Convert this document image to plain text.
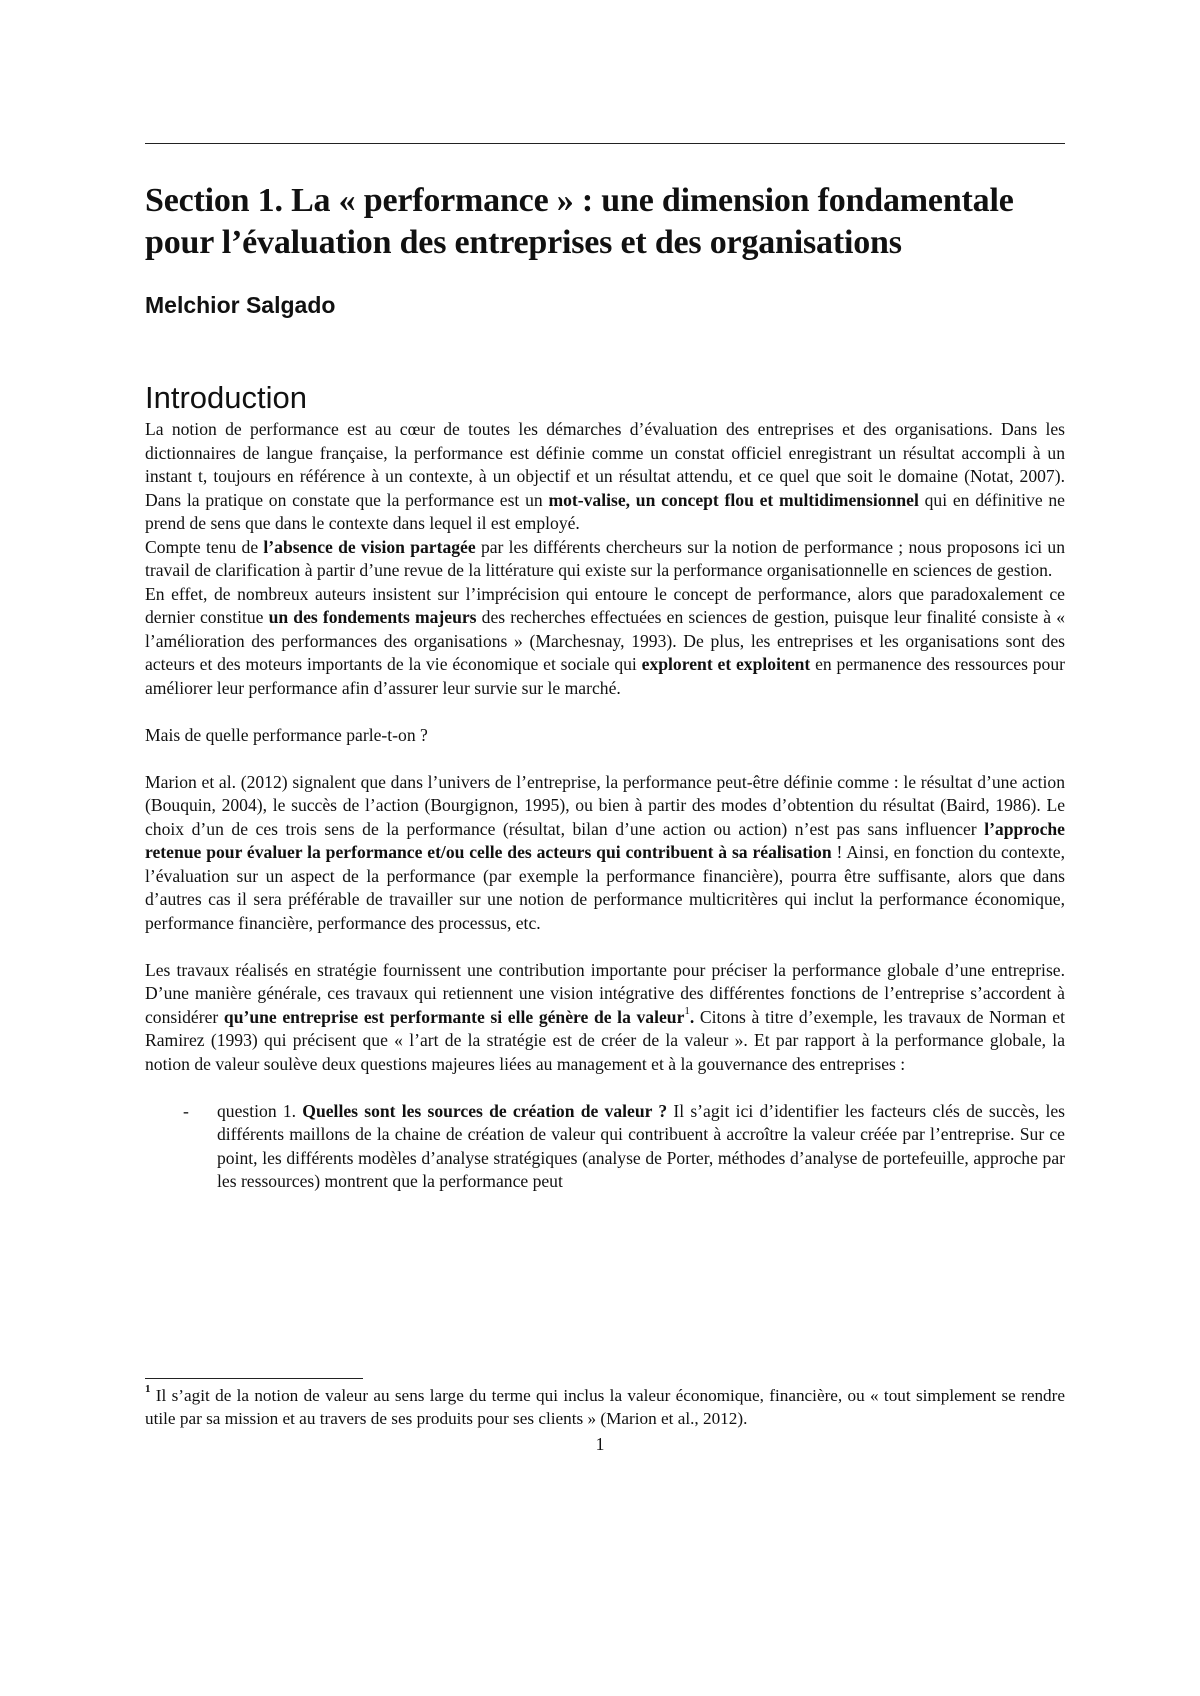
Section 1. La « performance » : une dimension fondamentale pour l’évaluation des entreprises et des organisations
Melchior Salgado
Introduction

La notion de performance est au cœur de toutes les démarches d’évaluation des entreprises et des organisations. Dans les dictionnaires de langue française, la performance est définie comme un constat officiel enregistrant un résultat accompli à un instant t, toujours en référence à un contexte, à un objectif et un résultat attendu, et ce quel que soit le domaine (Notat, 2007). Dans la pratique on constate que la performance est un mot-valise, un concept flou et multidimensionnel qui en définitive ne prend de sens que dans le contexte dans lequel il est employé.

Compte tenu de l’absence de vision partagée par les différents chercheurs sur la notion de performance ; nous proposons ici un travail de clarification à partir d’une revue de la littérature qui existe sur la performance organisationnelle en sciences de gestion.

En effet, de nombreux auteurs insistent sur l’imprécision qui entoure le concept de performance, alors que paradoxalement ce dernier constitue un des fondements majeurs des recherches effectuées en sciences de gestion, puisque leur finalité consiste à « l’amélioration des performances des organisations » (Marchesnay, 1993). De plus, les entreprises et les organisations sont des acteurs et des moteurs importants de la vie économique et sociale qui explorent et exploitent en permanence des ressources pour améliorer leur performance afin d’assurer leur survie sur le marché.

Mais de quelle performance parle-t-on ?

Marion et al. (2012) signalent que dans l’univers de l’entreprise, la performance peut-être définie comme : le résultat d’une action (Bouquin, 2004), le succès de l’action (Bourgignon, 1995), ou bien à partir des modes d’obtention du résultat (Baird, 1986). Le choix d’un de ces trois sens de la performance (résultat, bilan d’une action ou action) n’est pas sans influencer l’approche retenue pour évaluer la performance et/ou celle des acteurs qui contribuent à sa réalisation ! Ainsi, en fonction du contexte, l’évaluation sur un aspect de la performance (par exemple la performance financière), pourra être suffisante, alors que dans d’autres cas il sera préférable de travailler sur une notion de performance multicritères qui inclut la performance économique, performance financière, performance des processus, etc.

Les travaux réalisés en stratégie fournissent une contribution importante pour préciser la performance globale d’une entreprise. D’une manière générale, ces travaux qui retiennent une vision intégrative des différentes fonctions de l’entreprise s’accordent à considérer qu’une entreprise est performante si elle génère de la valeur$^1$. Citons à titre d’exemple, les travaux de Norman et Ramirez (1993) qui précisent que « l’art de la stratégie est de créer de la valeur ». Et par rapport à la performance globale, la notion de valeur soulève deux questions majeures liées au management et à la gouvernance des entreprises :

-	question 1. Quelles sont les sources de création de valeur ? Il s’agit ici d’identifier les facteurs clés de succès, les différents maillons de la chaine de création de valeur qui contribuent à accroître la valeur créée par l’entreprise. Sur ce point, les différents modèles d’analyse stratégiques (analyse de Porter, méthodes d’analyse de portefeuille, approche par les ressources) montrent que la performance peut

$^1$ Il s’agit de la notion de valeur au sens large du terme qui inclus la valeur économique, financière, ou « tout simplement se rendre utile par sa mission et au travers de ses produits pour ses clients » (Marion et al., 2012).
1
